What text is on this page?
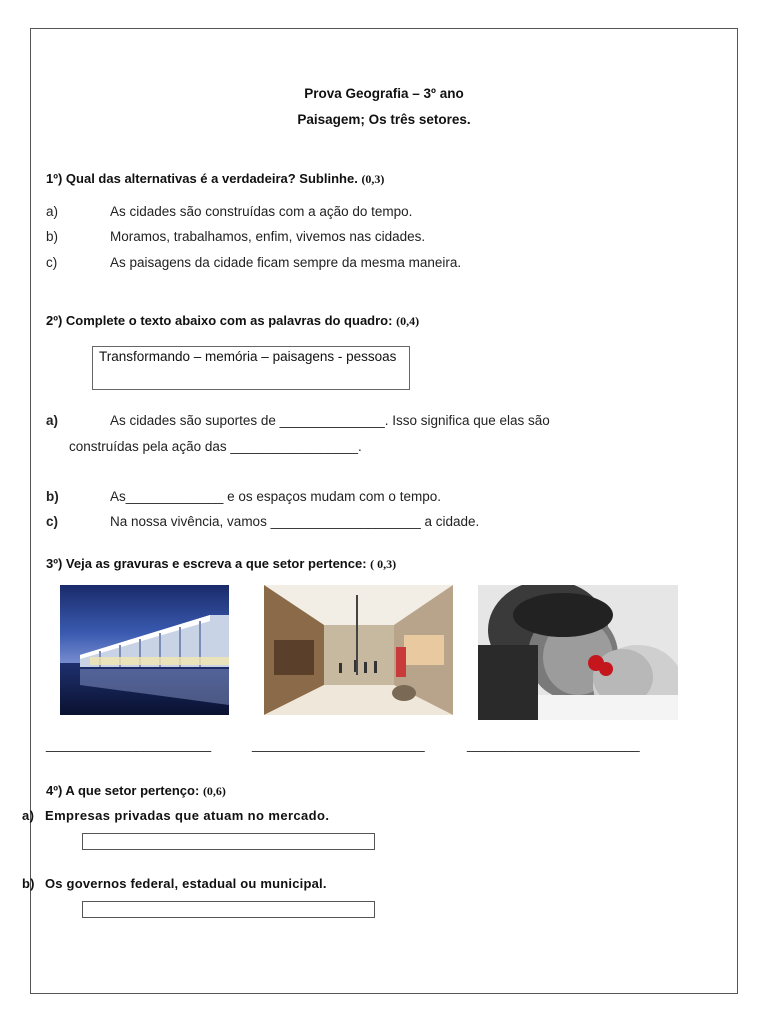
Prova Geografia – 3º ano
Paisagem; Os três setores.
1º) Qual das alternativas é a verdadeira? Sublinhe. (0,3)
a)	As cidades são construídas com a ação do tempo.
b)	Moramos, trabalhamos, enfim, vivemos nas cidades.
c)	As paisagens da cidade ficam sempre da mesma maneira.
2º) Complete o texto abaixo com as palavras do quadro: (0,4)
Transformando – memória – paisagens - pessoas
a)	As cidades são suportes de ______________. Isso significa que elas são
construídas pela ação das _________________.
b)	As_____________ e os espaços mudam com o tempo.
c)	Na nossa vivência, vamos ____________________ a cidade.
3º) Veja as gravuras e escreva a que setor pertence: ( 0,3)
______________________	_______________________	_______________________
4º) A que setor pertenço: (0,6)
a) Empresas privadas que atuam no mercado.
b) Os governos federal, estadual ou municipal.
